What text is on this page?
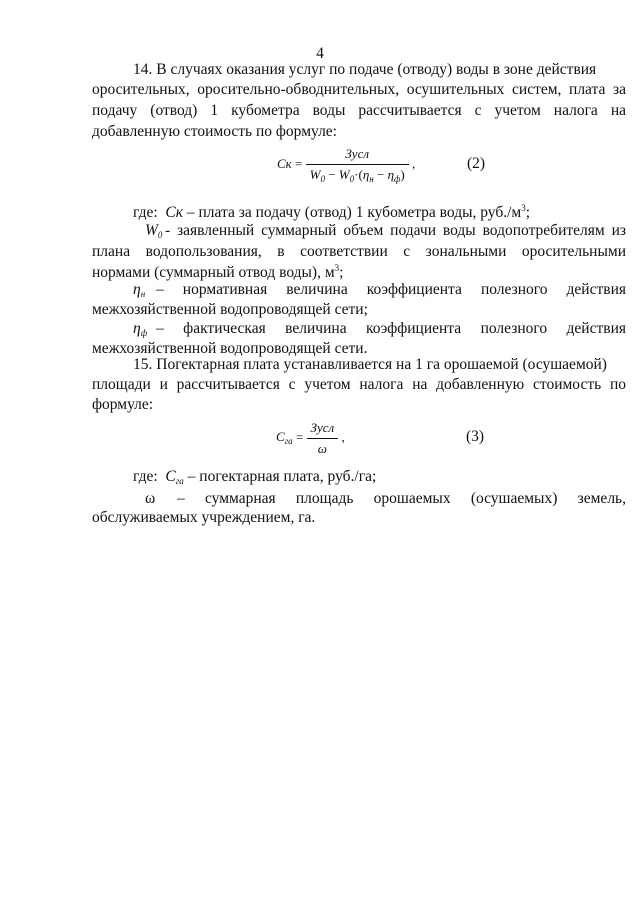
4
14. В случаях оказания услуг по подаче (отводу) воды в зоне действия
оросительных, оросительно-обводнительных, осушительных систем, плата за
подачу (отвод) 1 кубометра воды рассчитывается с учетом налога на
добавленную стоимость по формуле:
Ск = $\frac{\text{Зусл}}{W_0 - W_0\cdot(\eta_н - \eta_ф)}$ ,	(2)
где: Ск – плата за подачу (отвод) 1 кубометра воды, $руб./м^3$;
$W_0$ - заявленный суммарный объем подачи воды водопотребителям из
плана водопользования, в соответствии с зональными оросительными
нормами (суммарный отвод воды), $м^3$;
$\eta_н$ – нормативная величина коэффициента полезного действия
межхозяйственной водопроводящей сети;
$\eta_ф$ – фактическая величина коэффициента полезного действия
межхозяйственной водопроводящей сети.
15. Погектарная плата устанавливается на 1 га орошаемой (осушаемой)
площади и рассчитывается с учетом налога на добавленную стоимость по
формуле:
$С_{га} = \frac{\text{Зусл}}{\omega}$ ,	(3)
где: $С_{га}$ – погектарная плата, руб./га;
ω – суммарная площадь орошаемых (осушаемых) земель,
обслуживаемых учреждением, га.
